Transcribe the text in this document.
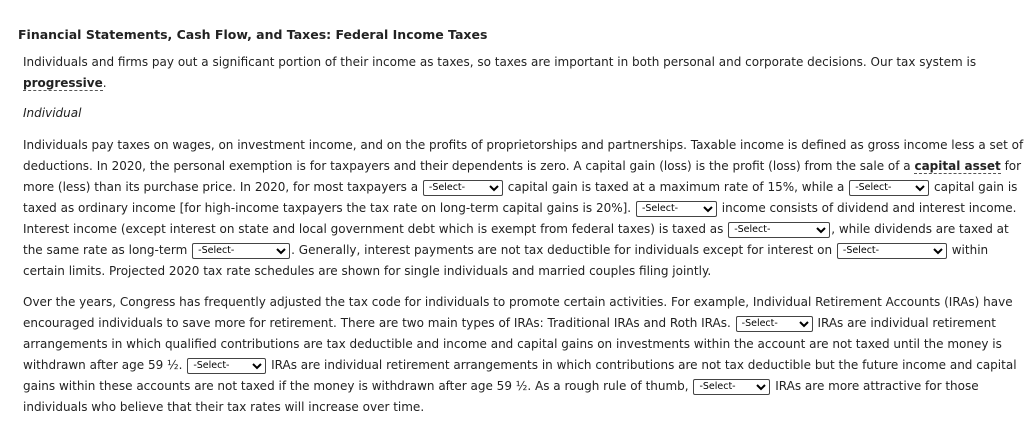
Financial Statements, Cash Flow, and Taxes: Federal Income Taxes

Individuals and firms pay out a significant portion of their income as taxes, so taxes are important in both personal and corporate decisions. Our tax system is progressive.

Individual

Individuals pay taxes on wages, on investment income, and on the profits of proprietorships and partnerships. Taxable income is defined as gross income less a set of deductions. In 2020, the personal exemption is for taxpayers and their dependents is zero. A capital gain (loss) is the profit (loss) from the sale of a capital asset for more (less) than its purchase price. In 2020, for most taxpayers a
-Select-	capital gain is taxed at a maximum rate of 15%, while a
-Select-	capital gain is taxed as ordinary income [for high-income taxpayers the tax rate on long-term capital gains is 20%].
-Select-	income consists of dividend and interest income. Interest income (except interest on state and local government debt which is exempt from federal taxes) is taxed as
-Select-	, while dividends are taxed at the same rate as long-term
-Select-	. Generally, interest payments are not tax deductible for individuals except for interest on
-Select-	within certain limits. Projected 2020 tax rate schedules are shown for single individuals and married couples filing jointly.

Over the years, Congress has frequently adjusted the tax code for individuals to promote certain activities. For example, Individual Retirement Accounts (IRAs) have encouraged individuals to save more for retirement. There are two main types of IRAs: Traditional IRAs and Roth IRAs.
-Select-	IRAs are individual retirement arrangements in which qualified contributions are tax deductible and income and capital gains on investments within the account are not taxed until the money is withdrawn after age 59 ½.
-Select-	IRAs are individual retirement arrangements in which contributions are not tax deductible but the future income and capital gains within these accounts are not taxed if the money is withdrawn after age 59 ½. As a rough rule of thumb,
-Select-	IRAs are more attractive for those individuals who believe that their tax rates will increase over time.
